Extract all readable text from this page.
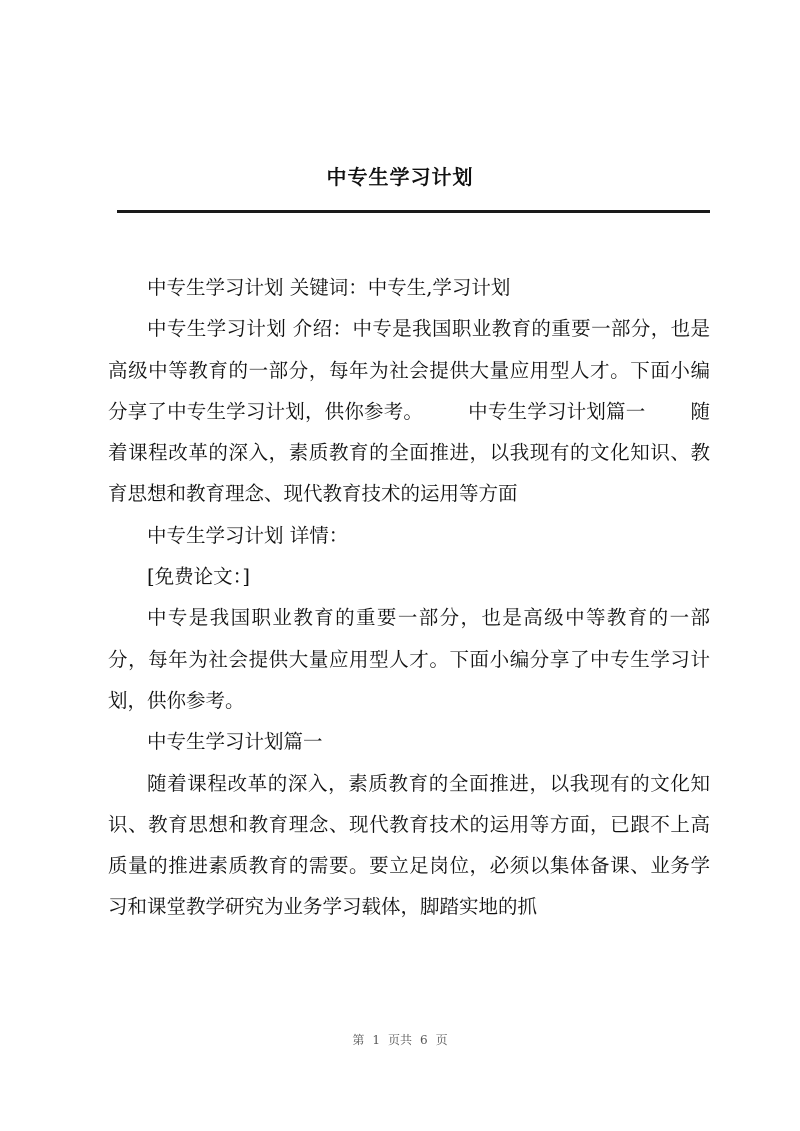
中专生学习计划

中专生学习计划 关键词：中专生,学习计划

中专生学习计划 介绍：中专是我国职业教育的重要一部分，也是高级中等教育的一部分，每年为社会提供大量应用型人才。下面小编分享了中专生学习计划，供你参考。 中专生学习计划篇一 随着课程改革的深入，素质教育的全面推进，以我现有的文化知识、教育思想和教育理念、现代教育技术的运用等方面

中专生学习计划 详情：

[免费论文：]

中专是我国职业教育的重要一部分，也是高级中等教育的一部分，每年为社会提供大量应用型人才。下面小编分享了中专生学习计划，供你参考。

中专生学习计划篇一

随着课程改革的深入，素质教育的全面推进，以我现有的文化知识、教育思想和教育理念、现代教育技术的运用等方面，已跟不上高质量的推进素质教育的需要。要立足岗位，必须以集体备课、业务学习和课堂教学研究为业务学习载体，脚踏实地的抓

第 1 页共 6 页
